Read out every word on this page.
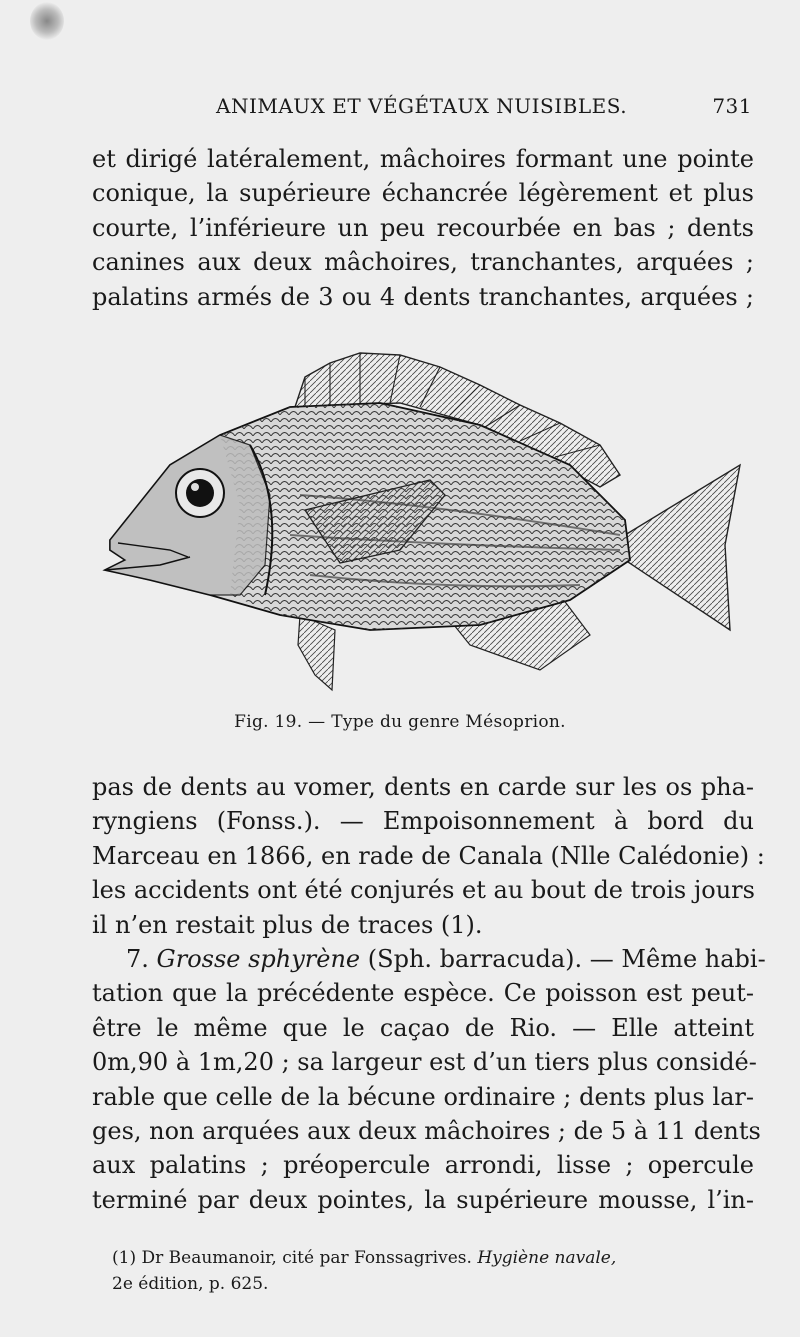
ANIMAUX ET VÉGÉTAUX NUISIBLES.	731
et dirigé latéralement, mâchoires formant une pointe
conique, la supérieure échancrée légèrement et plus
courte, l’inférieure un peu recourbée en bas ; dents
canines aux deux mâchoires, tranchantes, arquées ;
palatins armés de 3 ou 4 dents tranchantes, arquées ;
Fig. 19. — Type du genre Mésoprion.
pas de dents au vomer, dents en carde sur les os pha-
ryngiens (Fonss.). — Empoisonnement à bord du
Marceau en 1866, en rade de Canala (Nlle Calédonie) :
les accidents ont été conjurés et au bout de trois jours
il n’en restait plus de traces (1).
7. Grosse sphyrène (Sph. barracuda). — Même habi-
tation que la précédente espèce. Ce poisson est peut-
être le même que le caçao de Rio. — Elle atteint
0m,90 à 1m,20 ; sa largeur est d’un tiers plus considé-
rable que celle de la bécune ordinaire ; dents plus lar-
ges, non arquées aux deux mâchoires ; de 5 à 11 dents
aux palatins ; préopercule arrondi, lisse ; opercule
terminé par deux pointes, la supérieure mousse, l’in-
(1) Dr Beaumanoir, cité par Fonssagrives. Hygiène navale,
2e édition, p. 625.
